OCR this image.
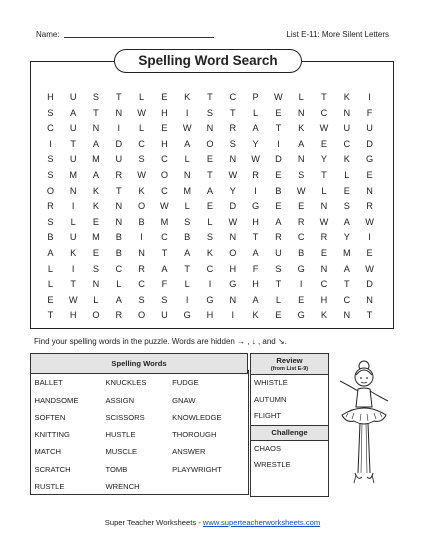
Name:	List E-11: More Silent Letters
Spelling Word Search
H	U	S	T	L	E	K	T	C	P	W	L	T	K	I
S	A	T	N	W	H	I	S	T	L	E	N	C	N	F
C	U	N	I	L	E	W	N	R	A	T	K	W	U	U
I	T	A	D	C	H	A	O	S	Y	I	A	E	C	D
S	U	M	U	S	C	L	E	N	W	D	N	Y	K	G
S	M	A	R	W	O	N	T	W	R	E	S	T	L	E
O	N	K	T	K	C	M	A	Y	I	B	W	L	E	N
R	I	K	N	O	W	L	E	D	G	E	E	N	S	R
S	L	E	N	B	M	S	L	W	H	A	R	W	A	W
B	U	M	B	I	C	B	S	N	T	R	C	R	Y	I
A	K	E	B	N	T	A	K	O	A	U	B	E	M	E
L	I	S	C	R	A	T	C	H	F	S	G	N	A	W
L	T	N	L	C	F	L	I	G	H	T	I	C	T	D
E	W	L	A	S	S	I	G	N	A	L	E	H	C	N
T	H	O	R	O	U	G	H	I	K	E	G	K	N	T
Find your spelling words in the puzzle. Words are hidden → , ↓ , and ↘.
Spelling Words		
BALLET	KNUCKLES	FUDGE
HANDSOME	ASSIGN	GNAW
SOFTEN	SCISSORS	KNOWLEDGE
KNITTING	HUSTLE	THOROUGH
MATCH	MUSCLE	ANSWER
SCRATCH	TOMB	PLAYWRIGHT
RUSTLE	WRENCH	
Review
(from List E-9)
WHISTLE
AUTUMN
FLIGHT
Challenge
CHAOS
WRESTLE
Super Teacher Worksheets - www.superteacherworksheets.com
